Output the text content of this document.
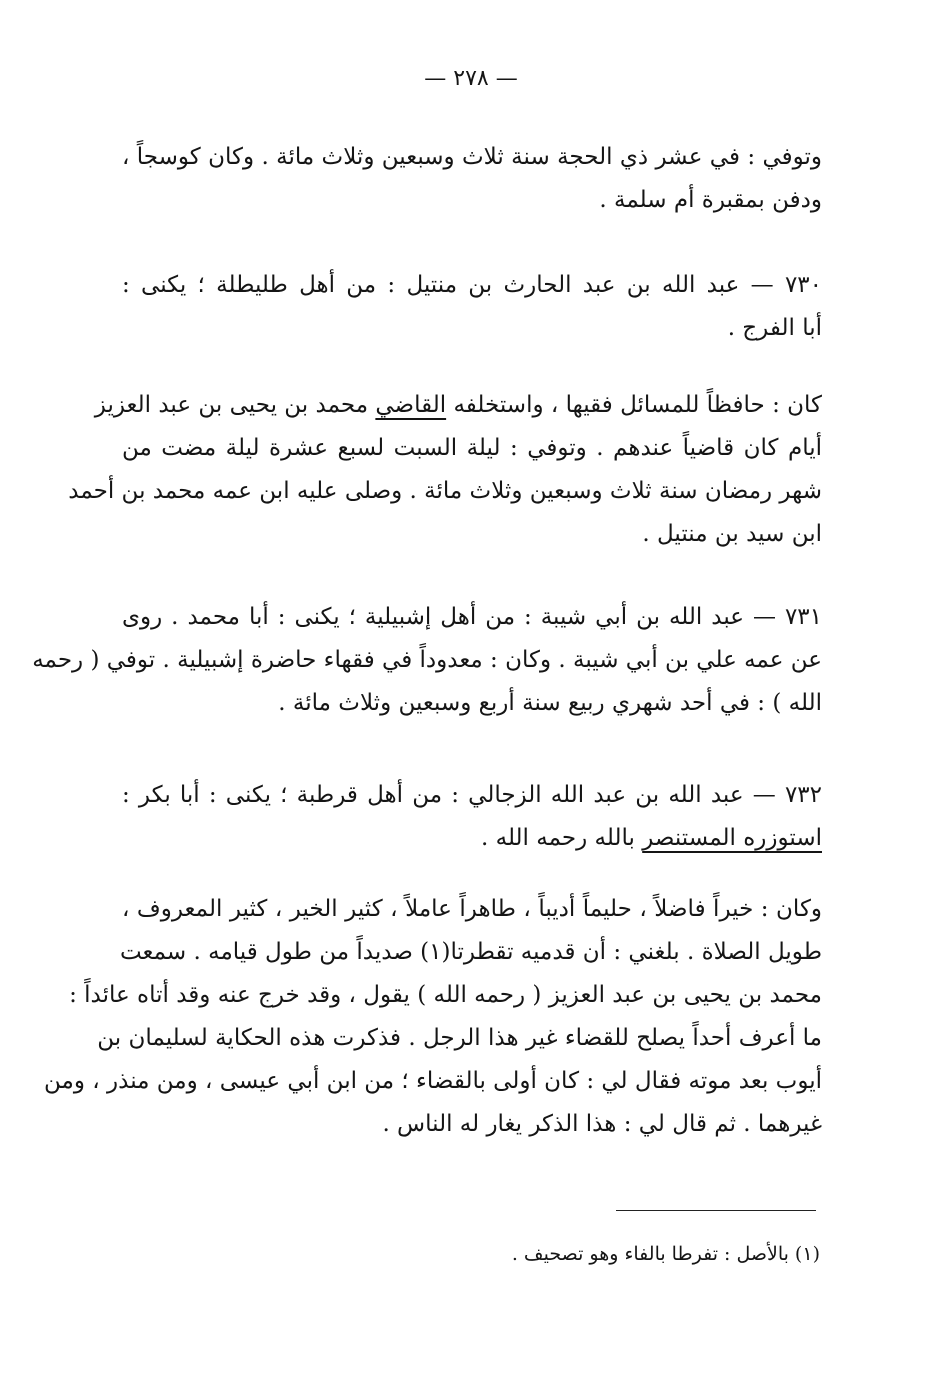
— ٢٧٨ —
وتوفي : في عشر ذي الحجة سنة ثلاث وسبعين وثلاث مائة . وكان كوسجاً ،
ودفن بمقبرة أم سلمة .
٧٣٠ — عبد الله بن عبد الحارث بن منتيل : من أهل طليطلة ؛ يكنى :
أبا الفرج .
كان : حافظاً للمسائل فقيها ، واستخلفه القاضي محمد بن يحيى بن عبد العزيز
أيام كان قاضياً عندهم . وتوفي : ليلة السبت لسبع عشرة ليلة مضت من
شهر رمضان سنة ثلاث وسبعين وثلاث مائة . وصلى عليه ابن عمه محمد بن أحمد
ابن سيد بن منتيل .
٧٣١ — عبد الله بن أبي شيبة : من أهل إشبيلية ؛ يكنى : أبا محمد . روى
عن عمه علي بن أبي شيبة . وكان : معدوداً في فقهاء حاضرة إشبيلية . توفي ( رحمه
الله ) : في أحد شهري ربيع سنة أربع وسبعين وثلاث مائة .
٧٣٢ — عبد الله بن عبد الله الزجالي : من أهل قرطبة ؛ يكنى : أبا بكر :
استوزره المستنصر بالله رحمه الله .
وكان : خيراً فاضلاً ، حليماً أديباً ، طاهراً عاملاً ، كثير الخير ، كثير المعروف ،
طويل الصلاة . بلغني : أن قدميه تقطرتا(١) صديداً من طول قيامه . سمعت
محمد بن يحيى بن عبد العزيز ( رحمه الله ) يقول ، وقد خرج عنه وقد أتاه عائداً :
ما أعرف أحداً يصلح للقضاء غير هذا الرجل . فذكرت هذه الحكاية لسليمان بن
أيوب بعد موته فقال لي : كان أولى بالقضاء ؛ من ابن أبي عيسى ، ومن منذر ، ومن
غيرهما . ثم قال لي : هذا الذكر يغار له الناس .
(١) بالأصل : تفرطا بالفاء وهو تصحيف .
